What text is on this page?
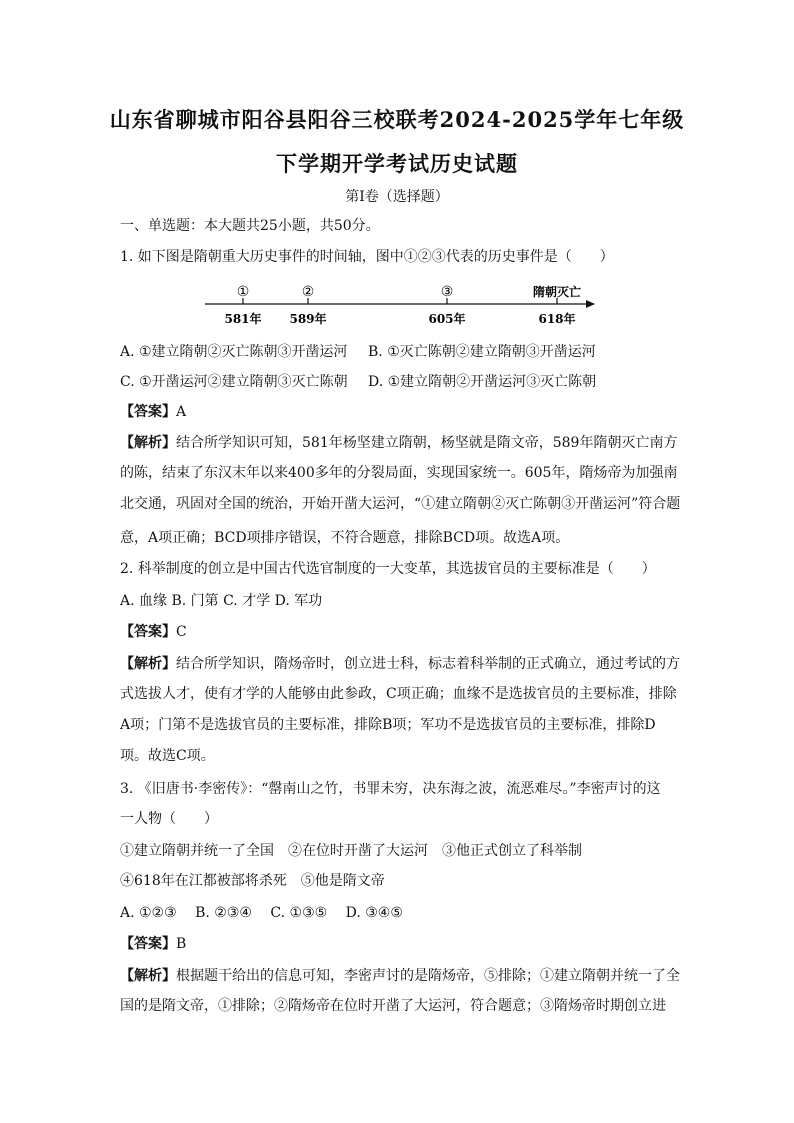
山东省聊城市阳谷县阳谷三校联考2024-2025学年七年级
下学期开学考试历史试题

第Ⅰ卷（选择题）

一、单选题：本大题共25小题，共50分。

1. 如下图是隋朝重大历史事件的时间轴，图中①②③代表的历史事件是（　　）

①	②	③	隋朝灭亡
581年 589年	605年	618年

A. ①建立隋朝②灭亡陈朝③开凿运河 B. ①灭亡陈朝②建立隋朝③开凿运河

C. ①开凿运河②建立隋朝③灭亡陈朝 D. ①建立隋朝②开凿运河③灭亡陈朝

【答案】A

【解析】结合所学知识可知，581年杨坚建立隋朝，杨坚就是隋文帝，589年隋朝灭亡南方

的陈，结束了东汉末年以来400多年的分裂局面，实现国家统一。605年，隋炀帝为加强南

北交通，巩固对全国的统治，开始开凿大运河，“①建立隋朝②灭亡陈朝③开凿运河”符合题

意，A项正确；BCD项排序错误，不符合题意，排除BCD项。故选A项。

2. 科举制度的创立是中国古代选官制度的一大变革，其选拔官员的主要标准是（　　）

A. 血缘 B. 门第 C. 才学 D. 军功

【答案】C

【解析】结合所学知识，隋炀帝时，创立进士科，标志着科举制的正式确立，通过考试的方

式选拔人才，使有才学的人能够由此参政，C项正确；血缘不是选拔官员的主要标准，排除

A项；门第不是选拔官员的主要标准，排除B项；军功不是选拔官员的主要标准，排除D

项。故选C项。

3. 《旧唐书·李密传》：“罄南山之竹，书罪未穷，决东海之波，流恶难尽。”李密声讨的这

一人物（　　）

①建立隋朝并统一了全国　②在位时开凿了大运河　③他正式创立了科举制

④618年在江都被部将杀死　⑤他是隋文帝

A. ①②③　 B. ②③④　 C. ①③⑤　 D. ③④⑤

【答案】B

【解析】根据题干给出的信息可知，李密声讨的是隋炀帝，⑤排除；①建立隋朝并统一了全

国的是隋文帝，①排除；②隋炀帝在位时开凿了大运河，符合题意；③隋炀帝时期创立进
